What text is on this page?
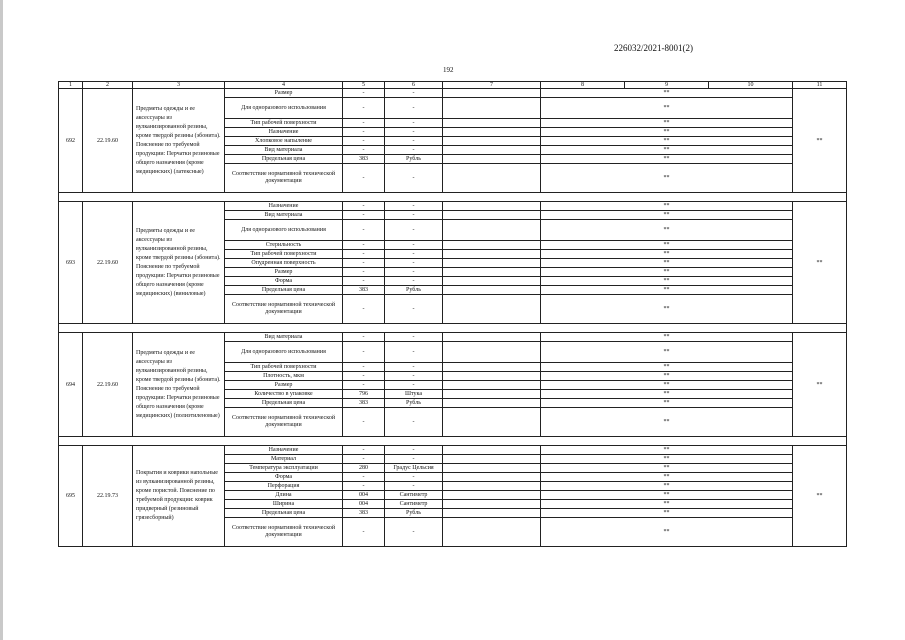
226032/2021-8001(2)
192
1	2	3	4	5	6	7	8	9	10	11
692	22.19.60	Предметы одежды и ее аксессуары из вулканизированной резины, кроме твердой резины (эбонита). Пояснение по требуемой продукции: Перчатки резиновые общего назначения (кроме медицинских) (латексные)	Размер	-	-		**			**
			Для одноразового использования	-	-		**			
			Тип рабочей поверхности	-	-		**			
			Назначение	-	-		**			
			Хлопковое напыление	-	-		**			
			Вид материала	-	-		**			
			Предельная цена	383	Рубль		**			
			Соответствие нормативной технической документации	-	-		**			

693	22.19.60	Предметы одежды и ее аксессуары из вулканизированной резины, кроме твердой резины (эбонита). Пояснение по требуемой продукции: Перчатки резиновые общего назначения (кроме медицинских) (виниловые)	Назначение	-	-		**			**
			Вид материала	-	-		**			
			Для одноразового использования	-	-		**			
			Стерильность	-	-		**			
			Тип рабочей поверхности	-	-		**			
			Опудренная поверхность	-	-		**			
			Размер	-	-		**			
			Форма	-	-		**			
			Предельная цена	383	Рубль		**			
			Соответствие нормативной технической документации	-	-		**			

694	22.19.60	Предметы одежды и ее аксессуары из вулканизированной резины, кроме твердой резины (эбонита). Пояснение по требуемой продукции: Перчатки резиновые общего назначения (кроме медицинских) (полиэтиленовые)	Вид материала	-	-		**			**
			Для одноразового использования	-	-		**			
			Тип рабочей поверхности	-	-		**			
			Плотность, мкм	-	-		**			
			Размер	-	-		**			
			Количество в упаковке	796	Штука		**			
			Предельная цена	383	Рубль		**			
			Соответствие нормативной технической документации	-	-		**			

695	22.19.73	Покрытия и коврики напольные из вулканизированной резины, кроме пористой. Пояснение по требуемой продукции: коврик придверный (резиновый грязесборный)	Назначение	-	-		**			**
			Материал	-	-		**			
			Температура эксплуатации	280	Градус Цельсия		**			
			Форма	-	-		**			
			Перфорация	-	-		**			
			Длина	004	Сантиметр		**			
			Ширина	004	Сантиметр		**			
			Предельная цена	383	Рубль		**			
			Соответствие нормативной технической документации	-	-		**			
